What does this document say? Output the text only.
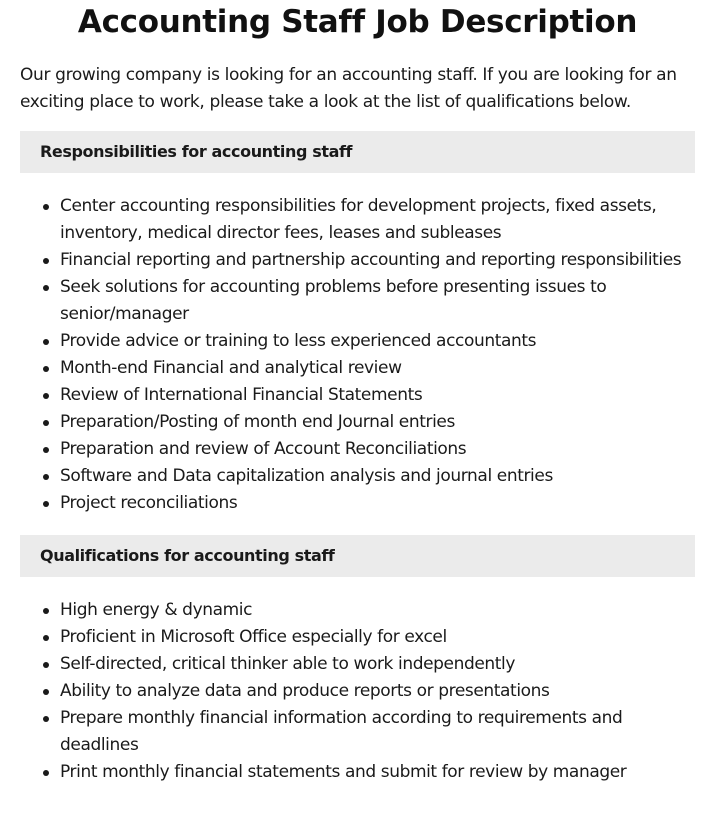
Accounting Staff Job Description

Our growing company is looking for an accounting staff. If you are looking for an exciting place to work, please take a look at the list of qualifications below.

Responsibilities for accounting staff
Center accounting responsibilities for development projects, fixed assets, inventory, medical director fees, leases and subleases
Financial reporting and partnership accounting and reporting responsibilities
Seek solutions for accounting problems before presenting issues to senior/manager
Provide advice or training to less experienced accountants
Month-end Financial and analytical review
Review of International Financial Statements
Preparation/Posting of month end Journal entries
Preparation and review of Account Reconciliations
Software and Data capitalization analysis and journal entries
Project reconciliations
Qualifications for accounting staff
High energy & dynamic
Proficient in Microsoft Office especially for excel
Self-directed, critical thinker able to work independently
Ability to analyze data and produce reports or presentations
Prepare monthly financial information according to requirements and deadlines
Print monthly financial statements and submit for review by manager
